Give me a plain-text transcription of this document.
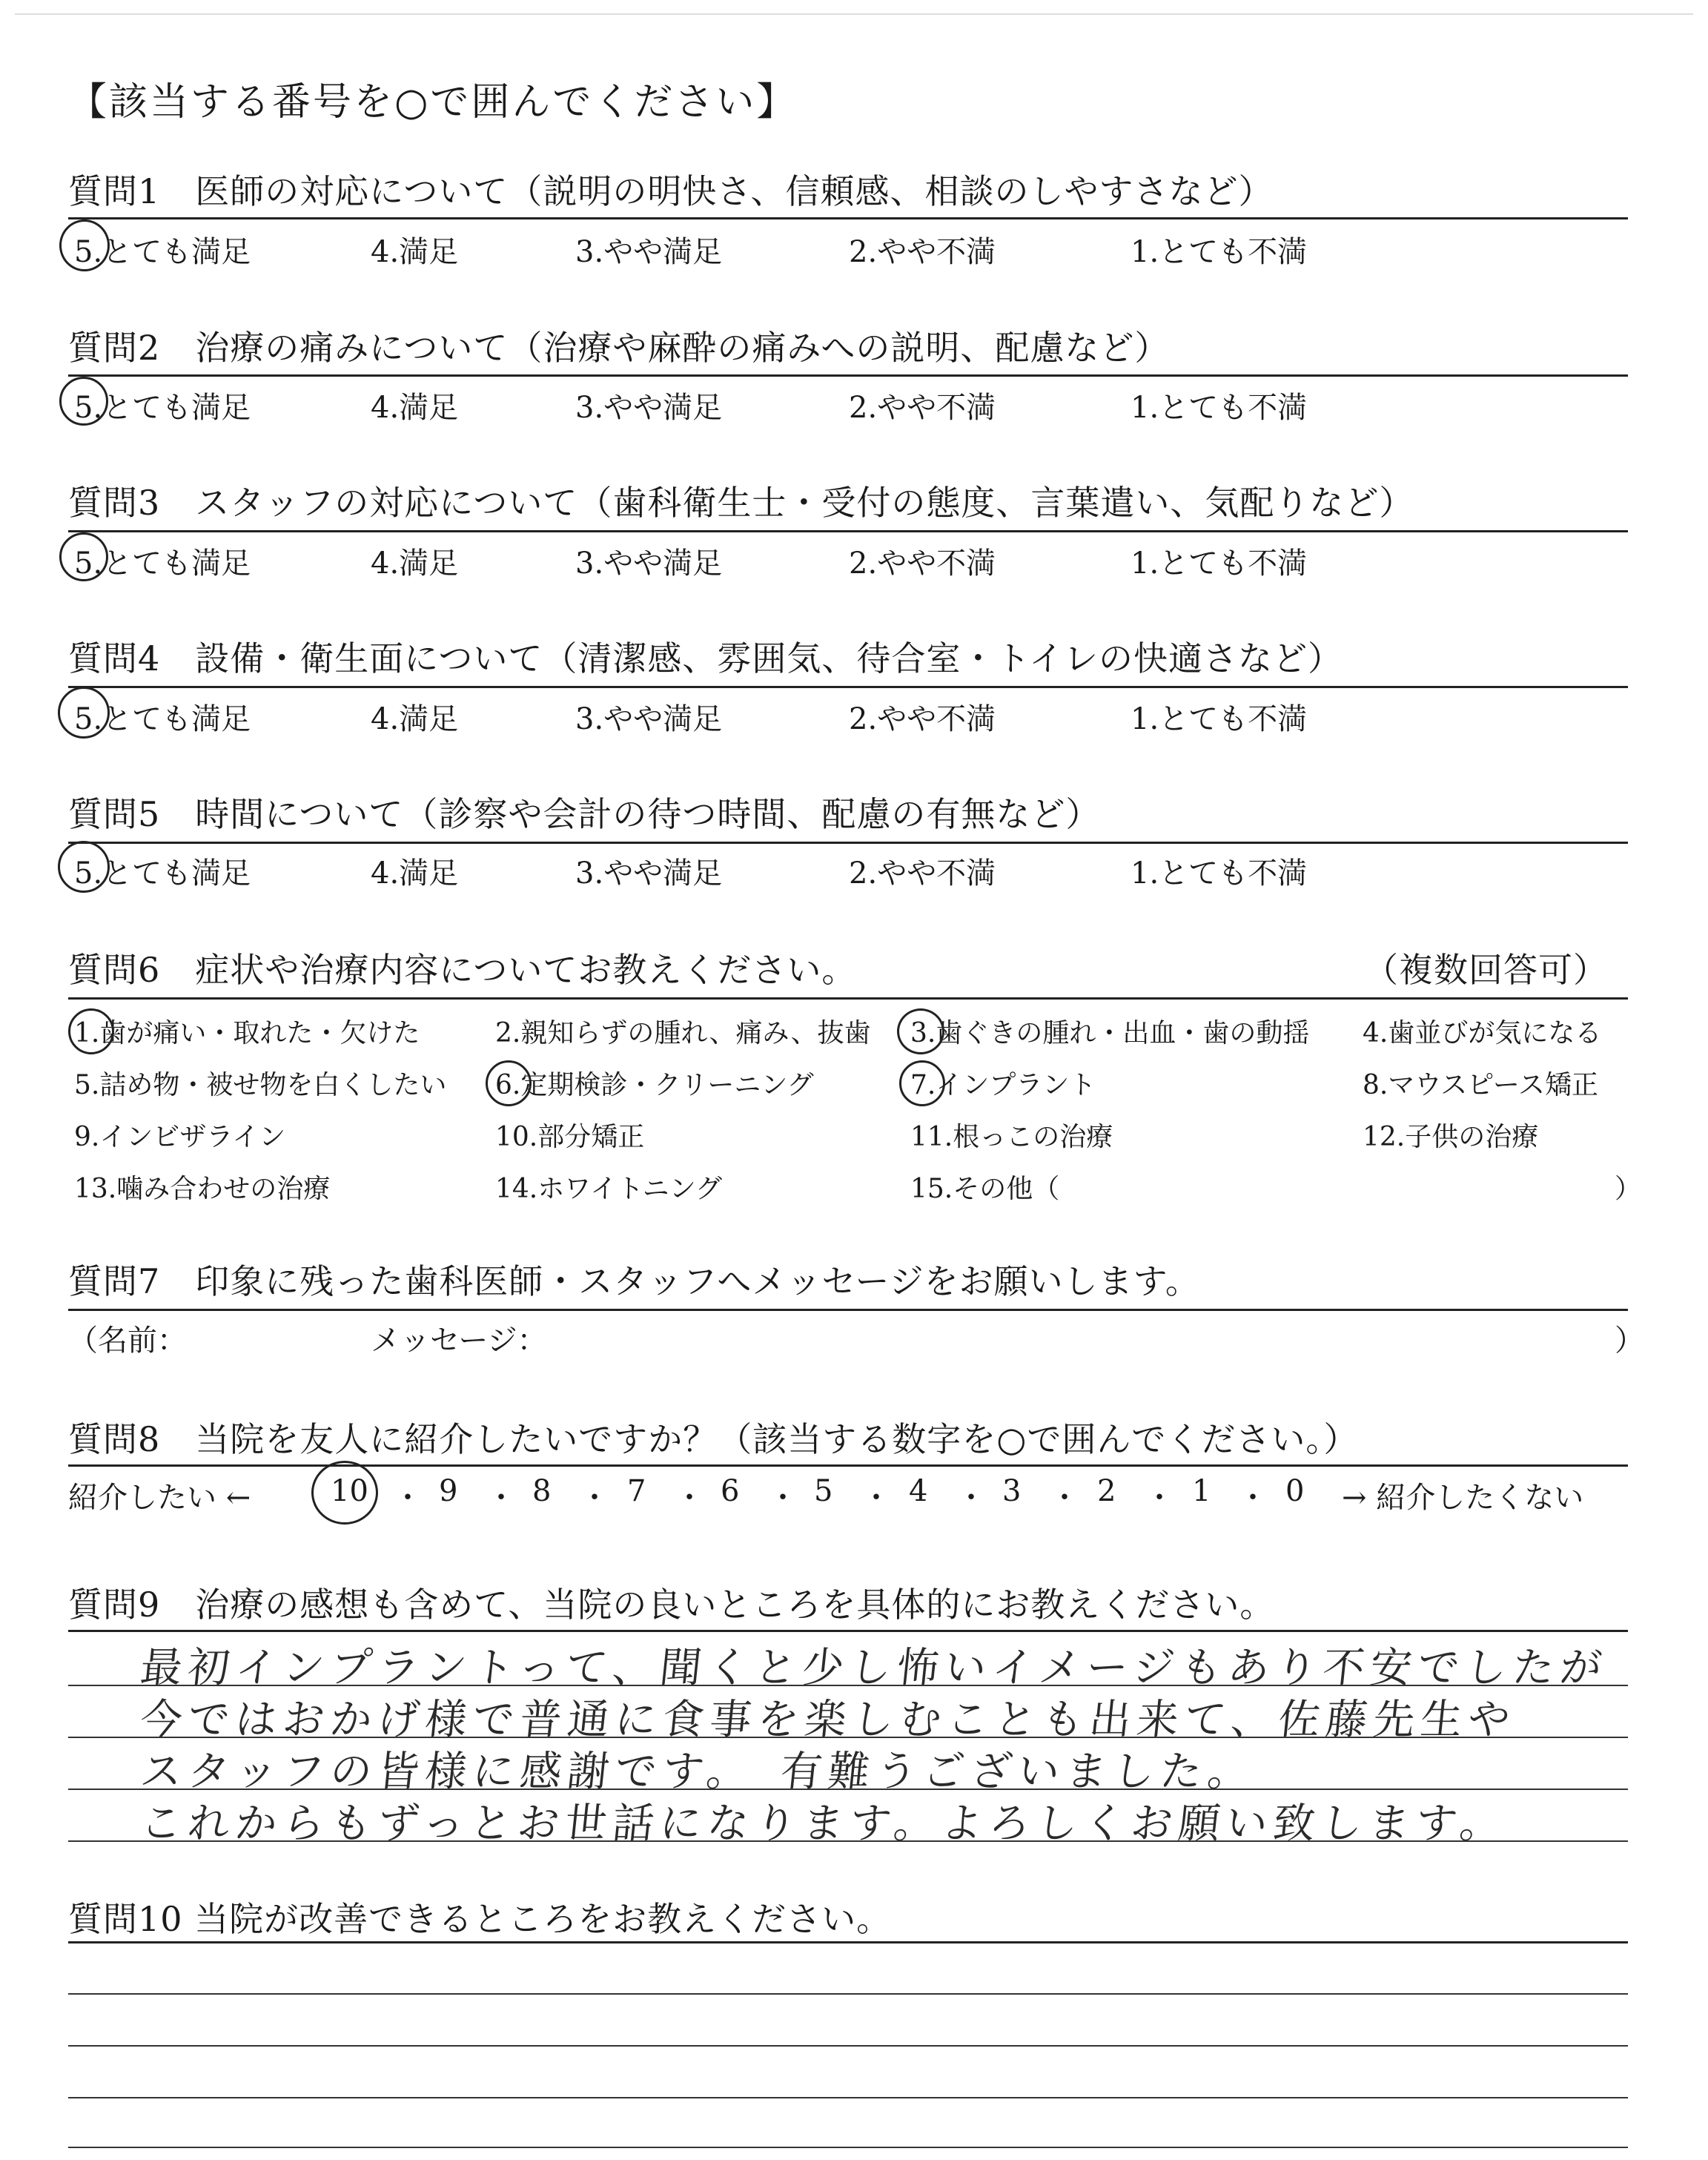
【該当する番号を○で囲んでください】
質問1　医師の対応について（説明の明快さ、信頼感、相談のしやすさなど）
5.とても満足	4.満足	3.やや満足	2.やや不満	1.とても不満
質問2　治療の痛みについて（治療や麻酔の痛みへの説明、配慮など）
5.とても満足	4.満足	3.やや満足	2.やや不満	1.とても不満
質問3　スタッフの対応について（歯科衛生士・受付の態度、言葉遣い、気配りなど）
5.とても満足	4.満足	3.やや満足	2.やや不満	1.とても不満
質問4　設備・衛生面について（清潔感、雰囲気、待合室・トイレの快適さなど）
5.とても満足	4.満足	3.やや満足	2.やや不満	1.とても不満
質問5　時間について（診察や会計の待つ時間、配慮の有無など）
5.とても満足	4.満足	3.やや満足	2.やや不満	1.とても不満
質問6　症状や治療内容についてお教えください。	（複数回答可）
1.歯が痛い・取れた・欠けた	2.親知らずの腫れ、痛み、抜歯 3.歯ぐきの腫れ・出血・歯の動揺 4.歯並びが気になる
5.詰め物・被せ物を白くしたい 6.定期検診・クリーニング	7.インプラント	8.マウスピース矯正
9.インビザライン	10.部分矯正	11.根っこの治療	12.子供の治療
13.噛み合わせの治療	14.ホワイトニング	15.その他（	）
質問7　印象に残った歯科医師・スタッフへメッセージをお願いします。
（名前：	メッセージ：	）
質問8　当院を友人に紹介したいですか？（該当する数字を○で囲んでください。）
紹介したい ←	→ 紹介したくない
10 ・ 9 ・ 8 ・ 7 ・ 6 ・ 5 ・ 4 ・ 3 ・ 2 ・ 1 ・ 0
質問9　治療の感想も含めて、当院の良いところを具体的にお教えください。
最初インプラントって、聞くと少し怖いイメージもあり不安でしたが
今ではおかげ様で普通に食事を楽しむことも出来て、佐藤先生や
スタッフの皆様に感謝です。　有難うございました。
これからもずっとお世話になります。よろしくお願い致します。
質問10 当院が改善できるところをお教えください。
